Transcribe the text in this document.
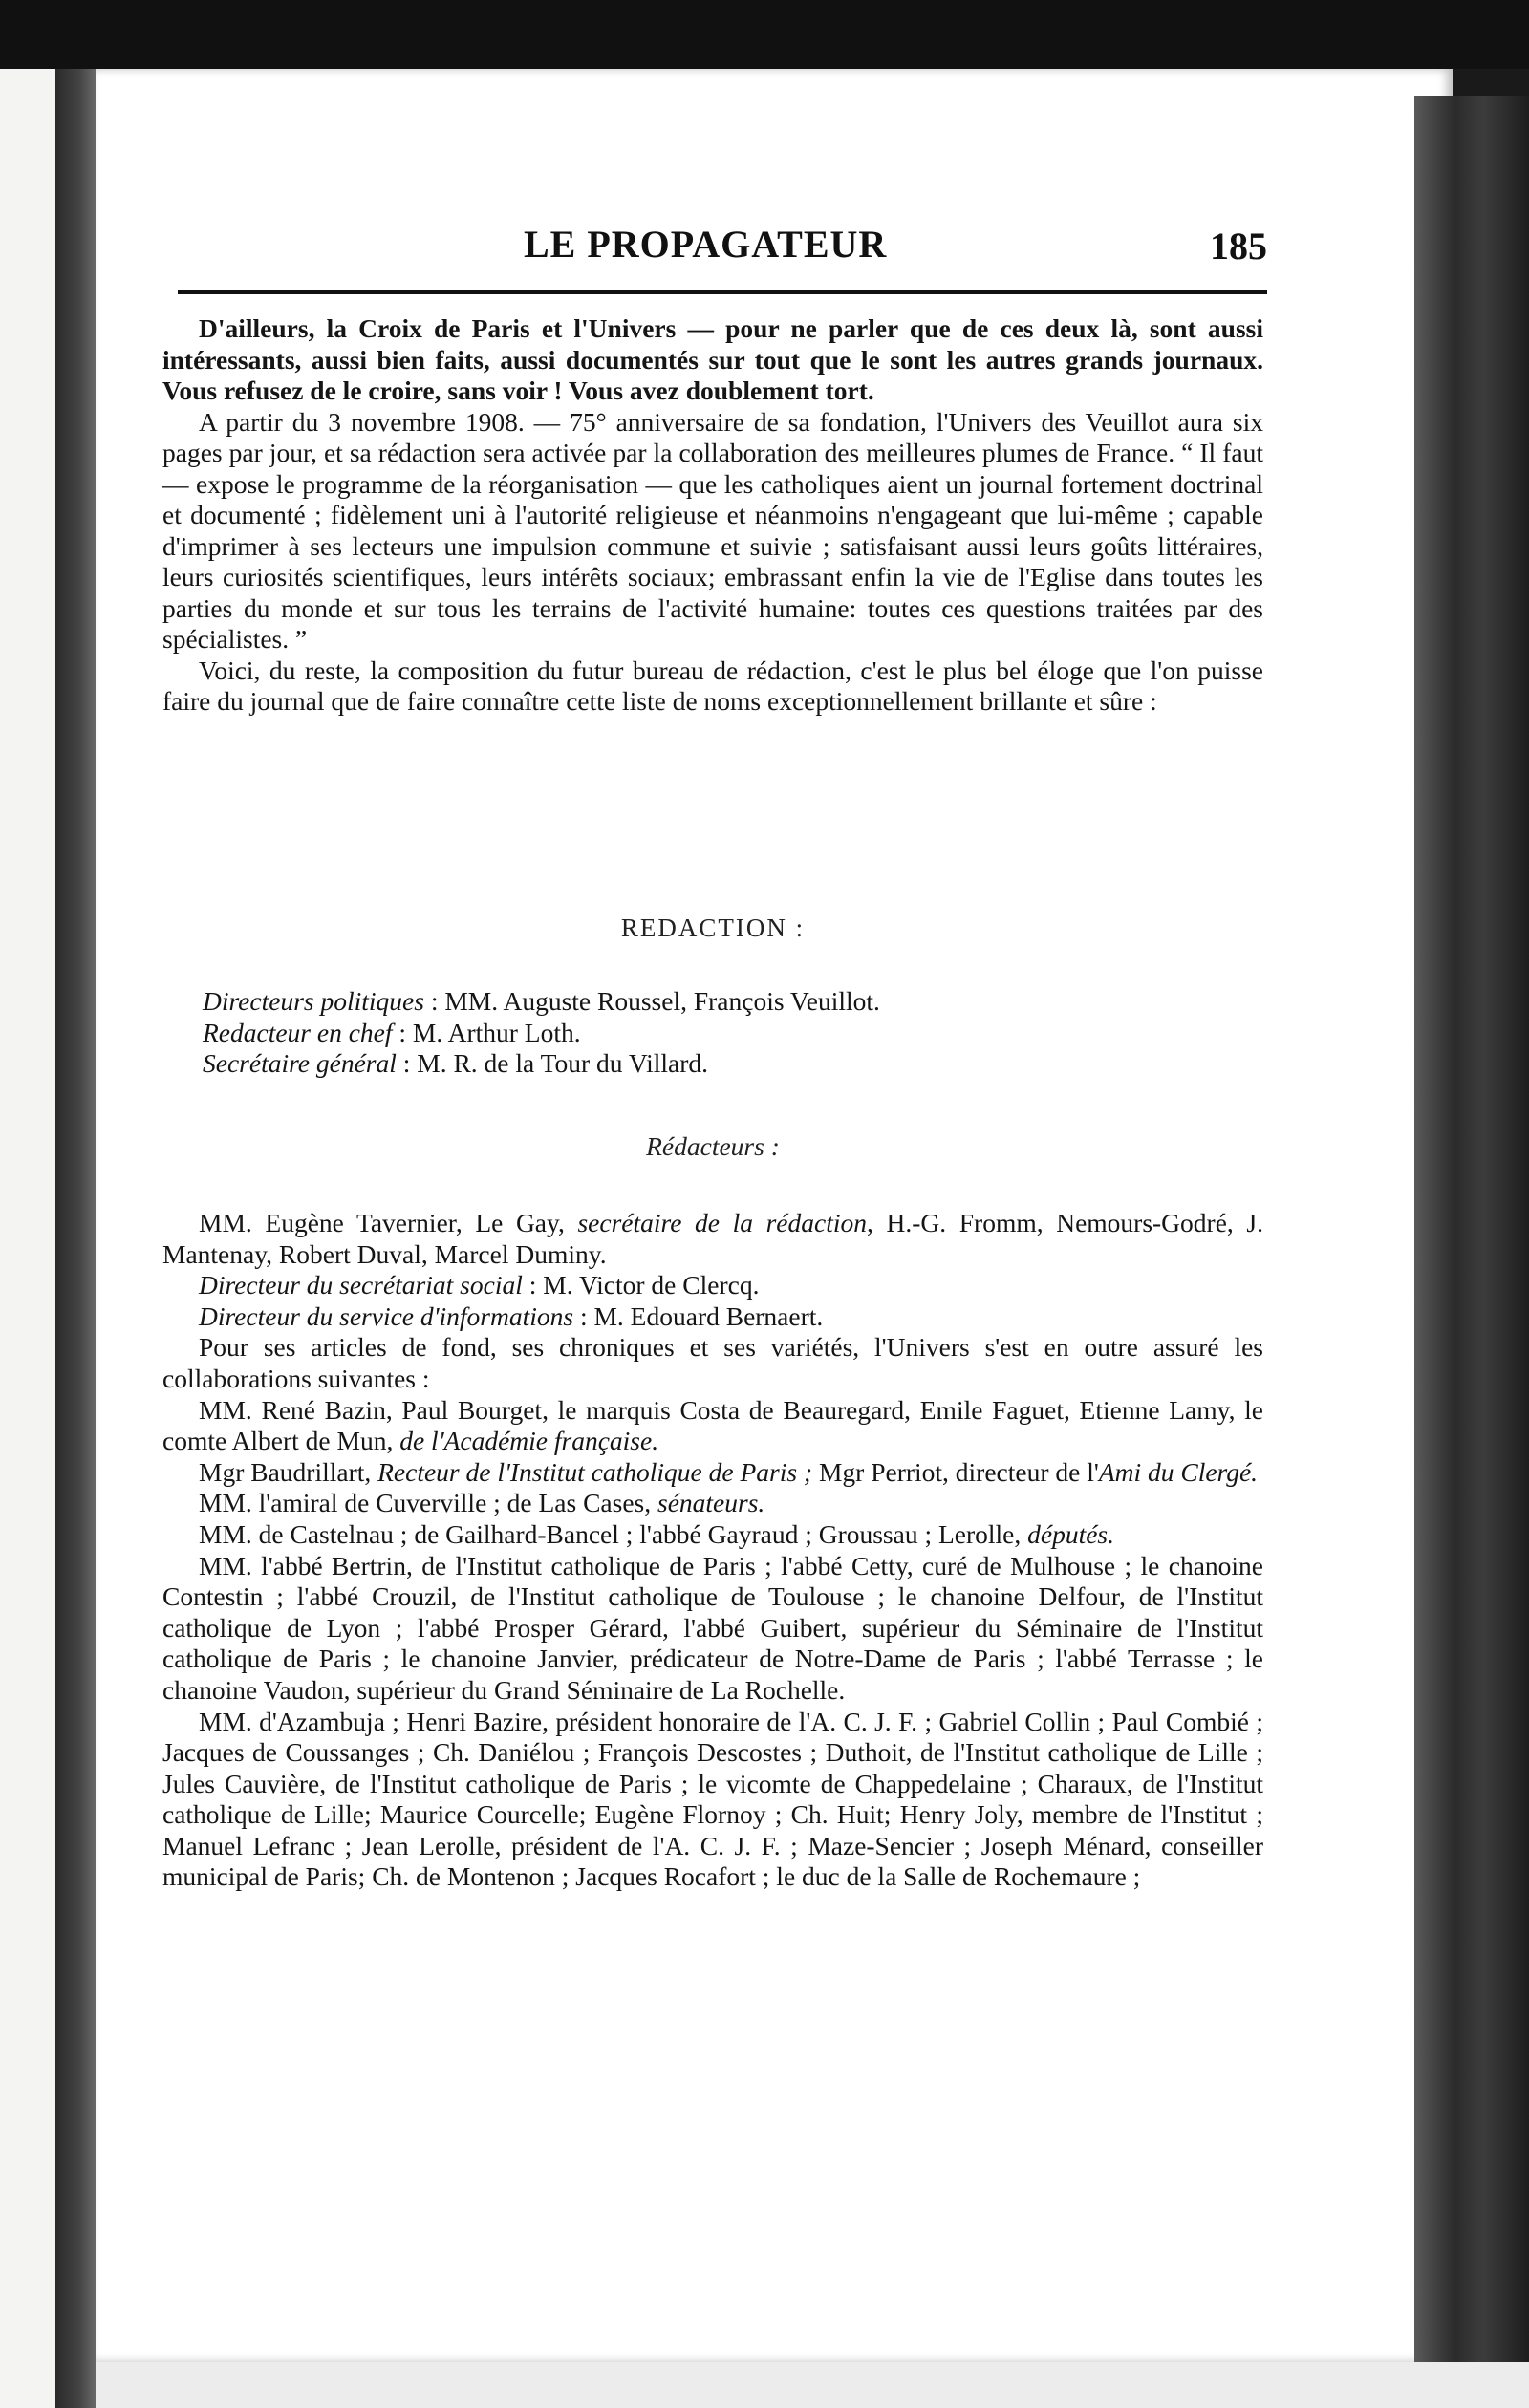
LE PROPAGATEUR	185

D'ailleurs, la Croix de Paris et l'Univers — pour ne parler que de ces deux là, sont aussi intéressants, aussi bien faits, aussi documentés sur tout que le sont les autres grands journaux. Vous refusez de le croire, sans voir ! Vous avez doublement tort.

A partir du 3 novembre 1908. — 75° anniversaire de sa fondation, l'Univers des Veuillot aura six pages par jour, et sa rédaction sera activée par la collaboration des meilleures plumes de France. “ Il faut — expose le programme de la réorganisation — que les catholiques aient un journal fortement doctrinal et documenté ; fidèlement uni à l'autorité religieuse et néanmoins n'engageant que lui-même ; capable d'imprimer à ses lecteurs une impulsion commune et suivie ; satisfaisant aussi leurs goûts littéraires, leurs curiosités scientifiques, leurs intérêts sociaux; embrassant enfin la vie de l'Eglise dans toutes les parties du monde et sur tous les terrains de l'activité humaine: toutes ces questions traitées par des spécialistes. ”

Voici, du reste, la composition du futur bureau de rédaction, c'est le plus bel éloge que l'on puisse faire du journal que de faire connaître cette liste de noms exceptionnellement brillante et sûre :

REDACTION :
Directeurs politiques : MM. Auguste Roussel, François Veuillot.
Redacteur en chef : M. Arthur Loth.
Secrétaire général : M. R. de la Tour du Villard.
Rédacteurs :

MM. Eugène Tavernier, Le Gay, secrétaire de la rédaction, H.-G. Fromm, Nemours-Godré, J. Mantenay, Robert Duval, Marcel Duminy.

Directeur du secrétariat social : M. Victor de Clercq.

Directeur du service d'informations : M. Edouard Bernaert.

Pour ses articles de fond, ses chroniques et ses variétés, l'Univers s'est en outre assuré les collaborations suivantes :

MM. René Bazin, Paul Bourget, le marquis Costa de Beauregard, Emile Faguet, Etienne Lamy, le comte Albert de Mun, de l'Académie française.

Mgr Baudrillart, Recteur de l'Institut catholique de Paris ; Mgr Perriot, directeur de l'Ami du Clergé.

MM. l'amiral de Cuverville ; de Las Cases, sénateurs.

MM. de Castelnau ; de Gailhard-Bancel ; l'abbé Gayraud ; Groussau ; Lerolle, députés.

MM. l'abbé Bertrin, de l'Institut catholique de Paris ; l'abbé Cetty, curé de Mulhouse ; le chanoine Contestin ; l'abbé Crouzil, de l'Institut catholique de Toulouse ; le chanoine Delfour, de l'Institut catholique de Lyon ; l'abbé Prosper Gérard, l'abbé Guibert, supérieur du Séminaire de l'Institut catholique de Paris ; le chanoine Janvier, prédicateur de Notre-Dame de Paris ; l'abbé Terrasse ; le chanoine Vaudon, supérieur du Grand Séminaire de La Rochelle.

MM. d'Azambuja ; Henri Bazire, président honoraire de l'A. C. J. F. ; Gabriel Collin ; Paul Combié ; Jacques de Coussanges ; Ch. Daniélou ; François Descostes ; Duthoit, de l'Institut catholique de Lille ; Jules Cauvière, de l'Institut catholique de Paris ; le vicomte de Chappedelaine ; Charaux, de l'Institut catholique de Lille; Maurice Courcelle; Eugène Flornoy ; Ch. Huit; Henry Joly, membre de l'Institut ; Manuel Lefranc ; Jean Lerolle, président de l'A. C. J. F. ; Maze-Sencier ; Joseph Ménard, conseiller municipal de Paris; Ch. de Montenon ; Jacques Rocafort ; le duc de la Salle de Rochemaure ;
